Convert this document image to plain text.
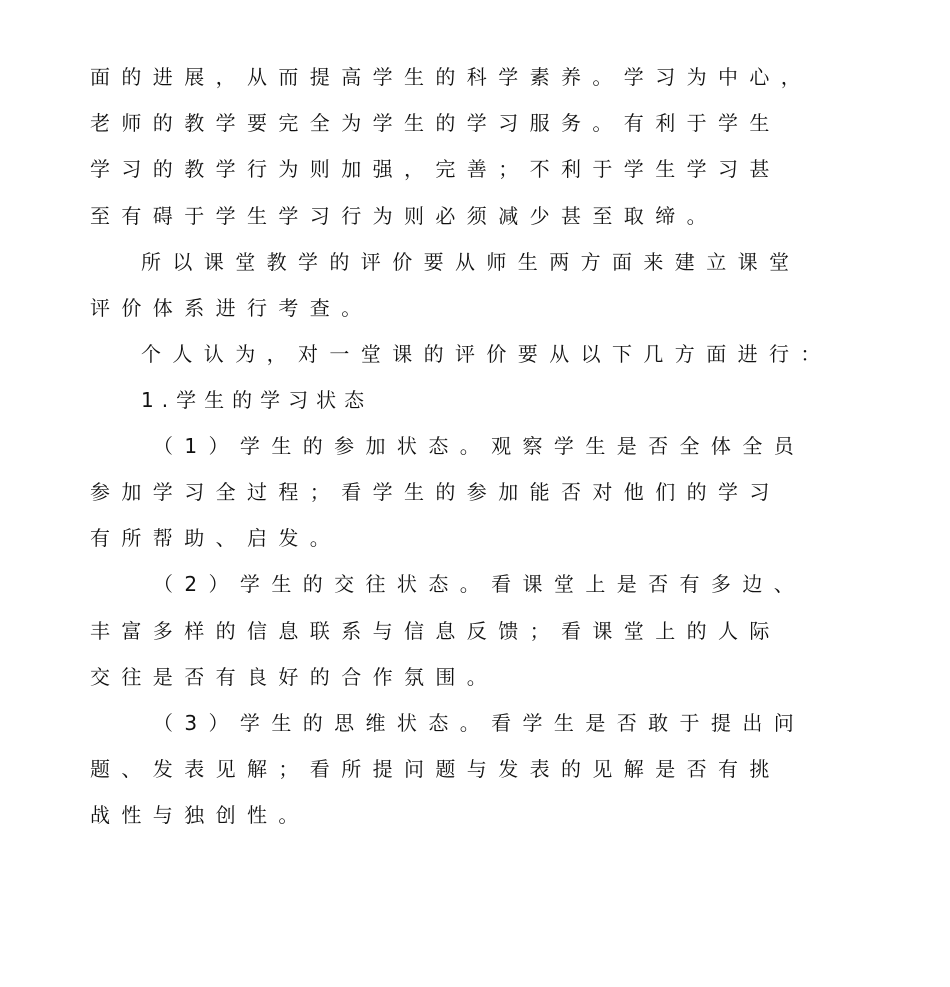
面的进展，从而提高学生的科学素养。学习为中心，
老师的教学要完全为学生的学习服务。有利于学生
学习的教学行为则加强，完善；不利于学生学习甚
至有碍于学生学习行为则必须减少甚至取缔。
所以课堂教学的评价要从师生两方面来建立课堂
评价体系进行考查。
个人认为，对一堂课的评价要从以下几方面进行：
1.学生的学习状态
（1）学生的参加状态。观察学生是否全体全员
参加学习全过程；看学生的参加能否对他们的学习
有所帮助、启发。
（2）学生的交往状态。看课堂上是否有多边、
丰富多样的信息联系与信息反馈；看课堂上的人际
交往是否有良好的合作氛围。
（3）学生的思维状态。看学生是否敢于提出问
题、发表见解；看所提问题与发表的见解是否有挑
战性与独创性。
